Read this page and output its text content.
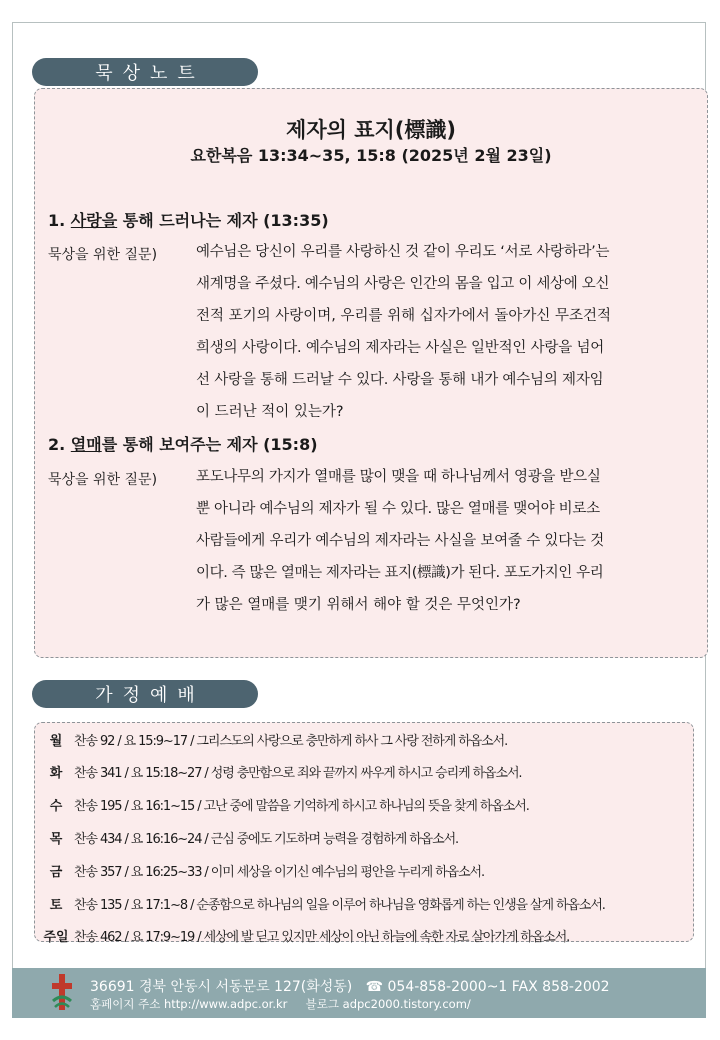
묵상노트
제자의 표지(標識)
요한복음 13:34~35, 15:8 (2025년 2월 23일)
1. 사랑을 통해 드러나는 제자 (13:35)
묵상을 위한 질문)	예수님은 당신이 우리를 사랑하신 것 같이 우리도 ‘서로 사랑하라’는
새계명을 주셨다. 예수님의 사랑은 인간의 몸을 입고 이 세상에 오신
전적 포기의 사랑이며, 우리를 위해 십자가에서 돌아가신 무조건적
희생의 사랑이다. 예수님의 제자라는 사실은 일반적인 사랑을 넘어
선 사랑을 통해 드러날 수 있다. 사랑을 통해 내가 예수님의 제자임
이 드러난 적이 있는가?
2. 열매를 통해 보여주는 제자 (15:8)
묵상을 위한 질문)	포도나무의 가지가 열매를 많이 맺을 때 하나님께서 영광을 받으실
뿐 아니라 예수님의 제자가 될 수 있다. 많은 열매를 맺어야 비로소
사람들에게 우리가 예수님의 제자라는 사실을 보여줄 수 있다는 것
이다. 즉 많은 열매는 제자라는 표지(標識)가 된다. 포도가지인 우리
가 많은 열매를 맺기 위해서 해야 할 것은 무엇인가?
가정예배
월 찬송 92 / 요 15:9~17 / 그리스도의 사랑으로 충만하게 하사 그 사랑 전하게 하옵소서.
화 찬송 341 / 요 15:18~27 / 성령 충만함으로 죄와 끝까지 싸우게 하시고 승리케 하옵소서.
수 찬송 195 / 요 16:1~15 / 고난 중에 말씀을 기억하게 하시고 하나님의 뜻을 찾게 하옵소서.
목 찬송 434 / 요 16:16~24 / 근심 중에도 기도하며 능력을 경험하게 하옵소서.
금 찬송 357 / 요 16:25~33 / 이미 세상을 이기신 예수님의 평안을 누리게 하옵소서.
토 찬송 135 / 요 17:1~8 / 순종함으로 하나님의 일을 이루어 하나님을 영화롭게 하는 인생을 살게 하옵소서.
주일 찬송 462 / 요 17:9~19 / 세상에 발 딛고 있지만 세상이 아닌 하늘에 속한 자로 살아가게 하옵소서.
36691 경북 안동시 서동문로 127(화성동) ☎ 054-858-2000~1 FAX 858-2002
홈페이지 주소 http://www.adpc.or.kr 블로그 adpc2000.tistory.com/
